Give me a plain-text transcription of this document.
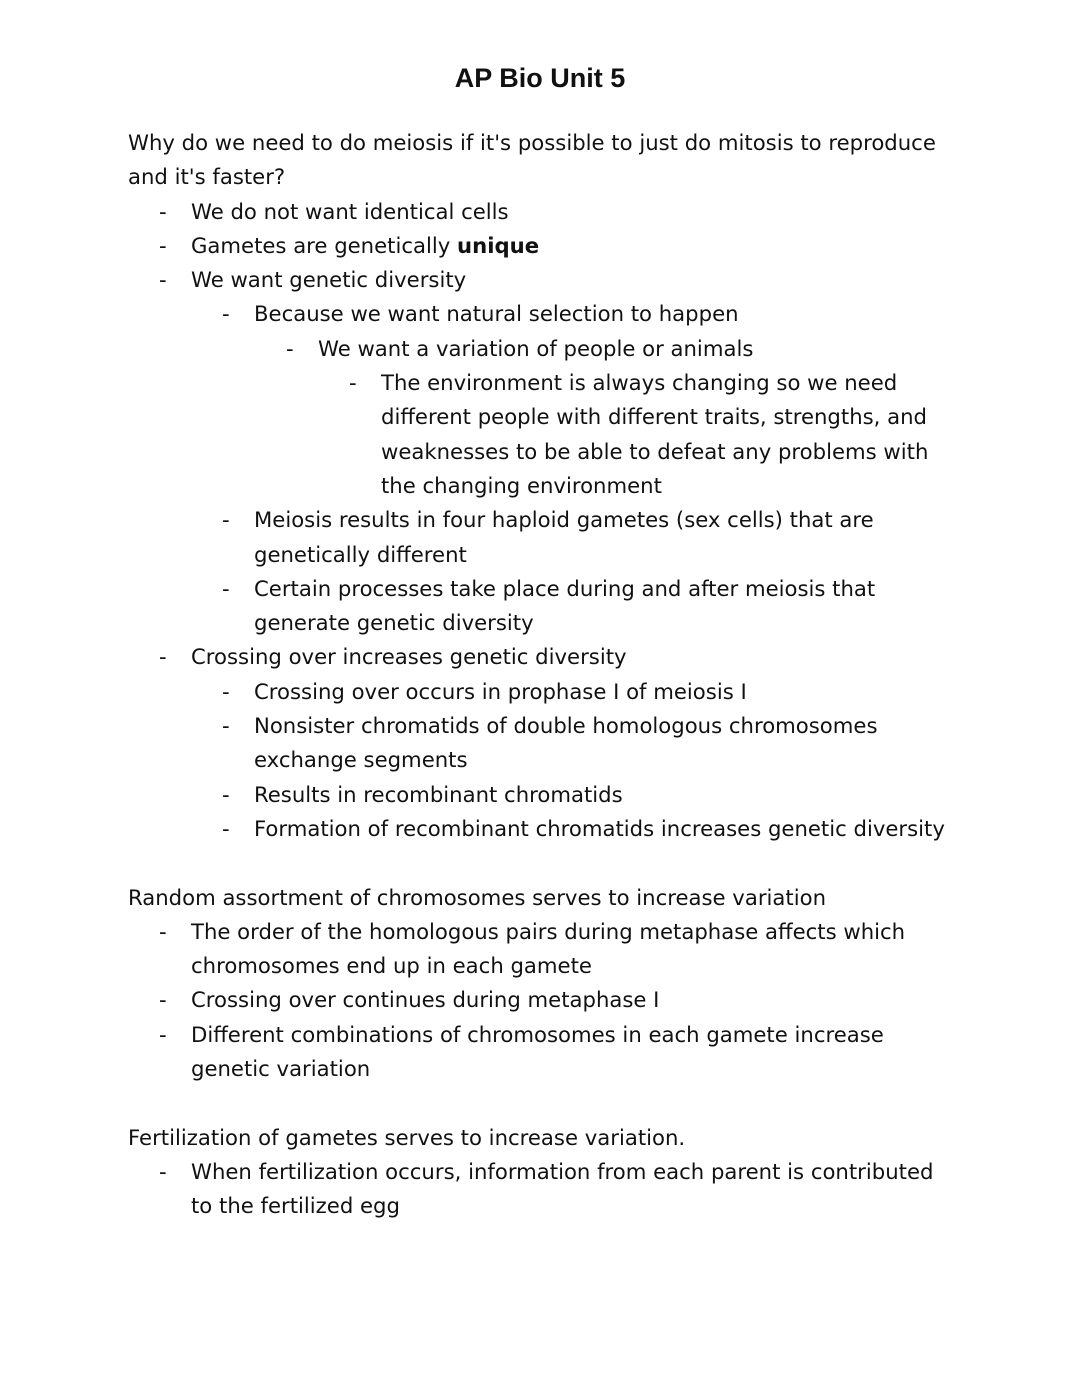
AP Bio Unit 5

Why do we need to do meiosis if it's possible to just do mitosis to reproduce and it's faster?

- We do not want identical cells
- Gametes are genetically unique
- We want genetic diversity
- Because we want natural selection to happen
- We want a variation of people or animals
- The environment is always changing so we need different people with different traits, strengths, and weaknesses to be able to defeat any problems with the changing environment
- Meiosis results in four haploid gametes (sex cells) that are genetically different
- Certain processes take place during and after meiosis that generate genetic diversity
- Crossing over increases genetic diversity
- Crossing over occurs in prophase I of meiosis I
- Nonsister chromatids of double homologous chromosomes exchange segments
- Results in recombinant chromatids
- Formation of recombinant chromatids increases genetic diversity

Random assortment of chromosomes serves to increase variation

- The order of the homologous pairs during metaphase affects which chromosomes end up in each gamete
- Crossing over continues during metaphase I
- Different combinations of chromosomes in each gamete increase genetic variation

Fertilization of gametes serves to increase variation.

- When fertilization occurs, information from each parent is contributed to the fertilized egg
